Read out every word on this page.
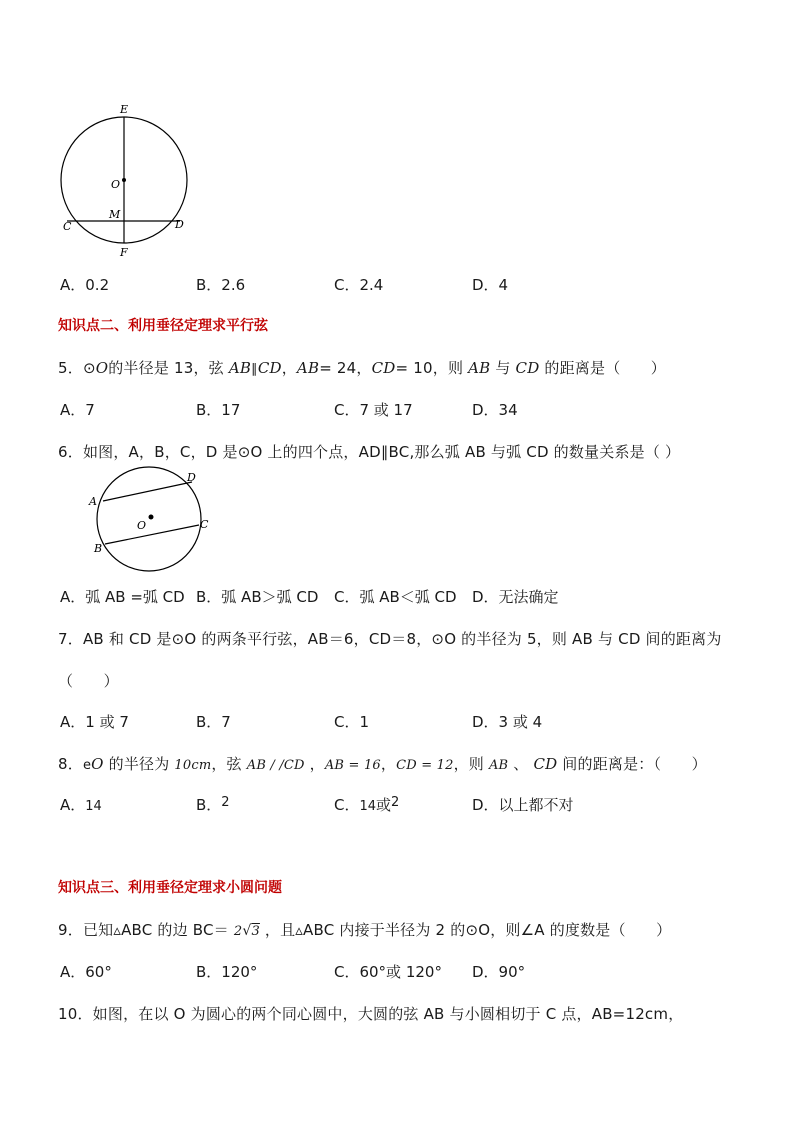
E
O
M
C	D
F
A．0.2	B．2.6	C．2.4	D．4
知识点二、利用垂径定理求平行弦
5．⊙O的半径是 13，弦 AB∥CD，AB= 24，CD= 10，则 AB 与 CD 的距离是（　　）
A．7	B．17	C．7 或 17	D．34
6．如图，A，B，C，D 是⊙O 上的四个点，AD∥BC,那么弧 AB 与弧 CD 的数量关系是（ ）
A
B
C
D
O
A．弧 AB =弧 CD B．弧 AB＞弧 CD C．弧 AB＜弧 CD D．无法确定
7．AB 和 CD 是⊙O 的两条平行弦，AB＝6，CD＝8，⊙O 的半径为 5，则 AB 与 CD 间的距离为
（　　）
A．1 或 7	B．7	C．1	D．3 或 4
8．eO 的半径为 10cm，弦 AB / /CD ，AB = 16，CD = 12，则 AB 、 CD 间的距离是：（　　）
A．14	B．2	C．14或2	D．以上都不对
知识点三、利用垂径定理求小圆问题
9．已知▵ABC 的边 BC＝ 2√3 ，且▵ABC 内接于半径为 2 的⊙O，则∠A 的度数是（　　）
A．60°	B．120°	C．60°或 120° D．90°
10．如图，在以 O 为圆心的两个同心圆中，大圆的弦 AB 与小圆相切于 C 点，AB=12cm，
